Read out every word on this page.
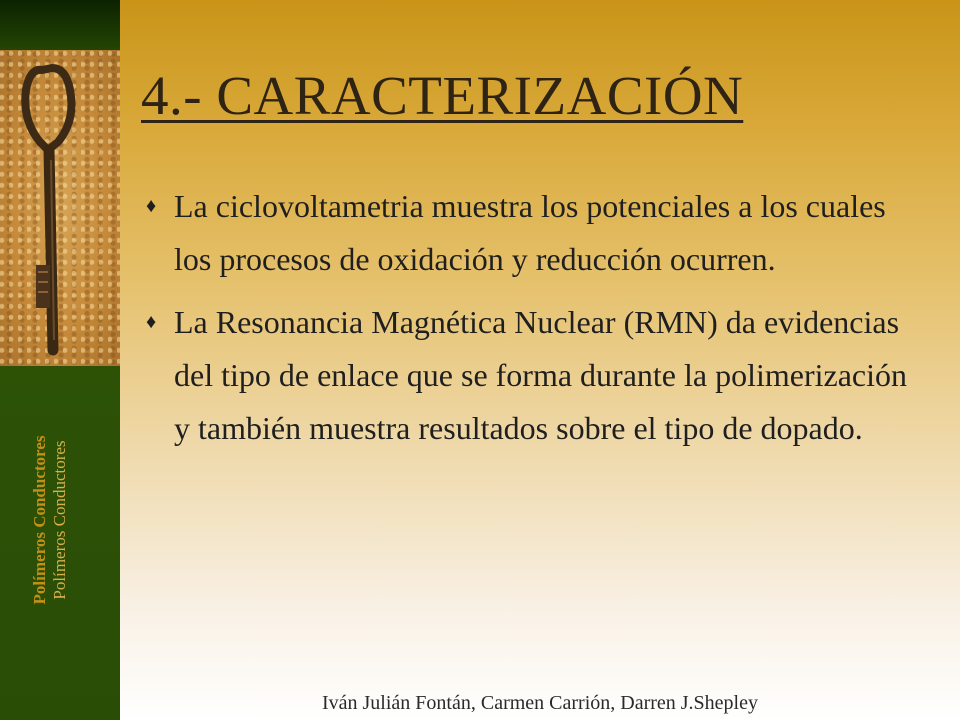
Polímeros Conductores Polímeros Conductores
4.- CARACTERIZACIÓN
♦ La ciclovoltametria muestra los potenciales a los cuales los procesos de oxidación y reducción ocurren.
♦ La Resonancia Magnética Nuclear (RMN) da evidencias del tipo de enlace que se forma durante la polimerización y también muestra resultados sobre el tipo de dopado.
Iván Julián Fontán, Carmen Carrión, Darren J.Shepley
